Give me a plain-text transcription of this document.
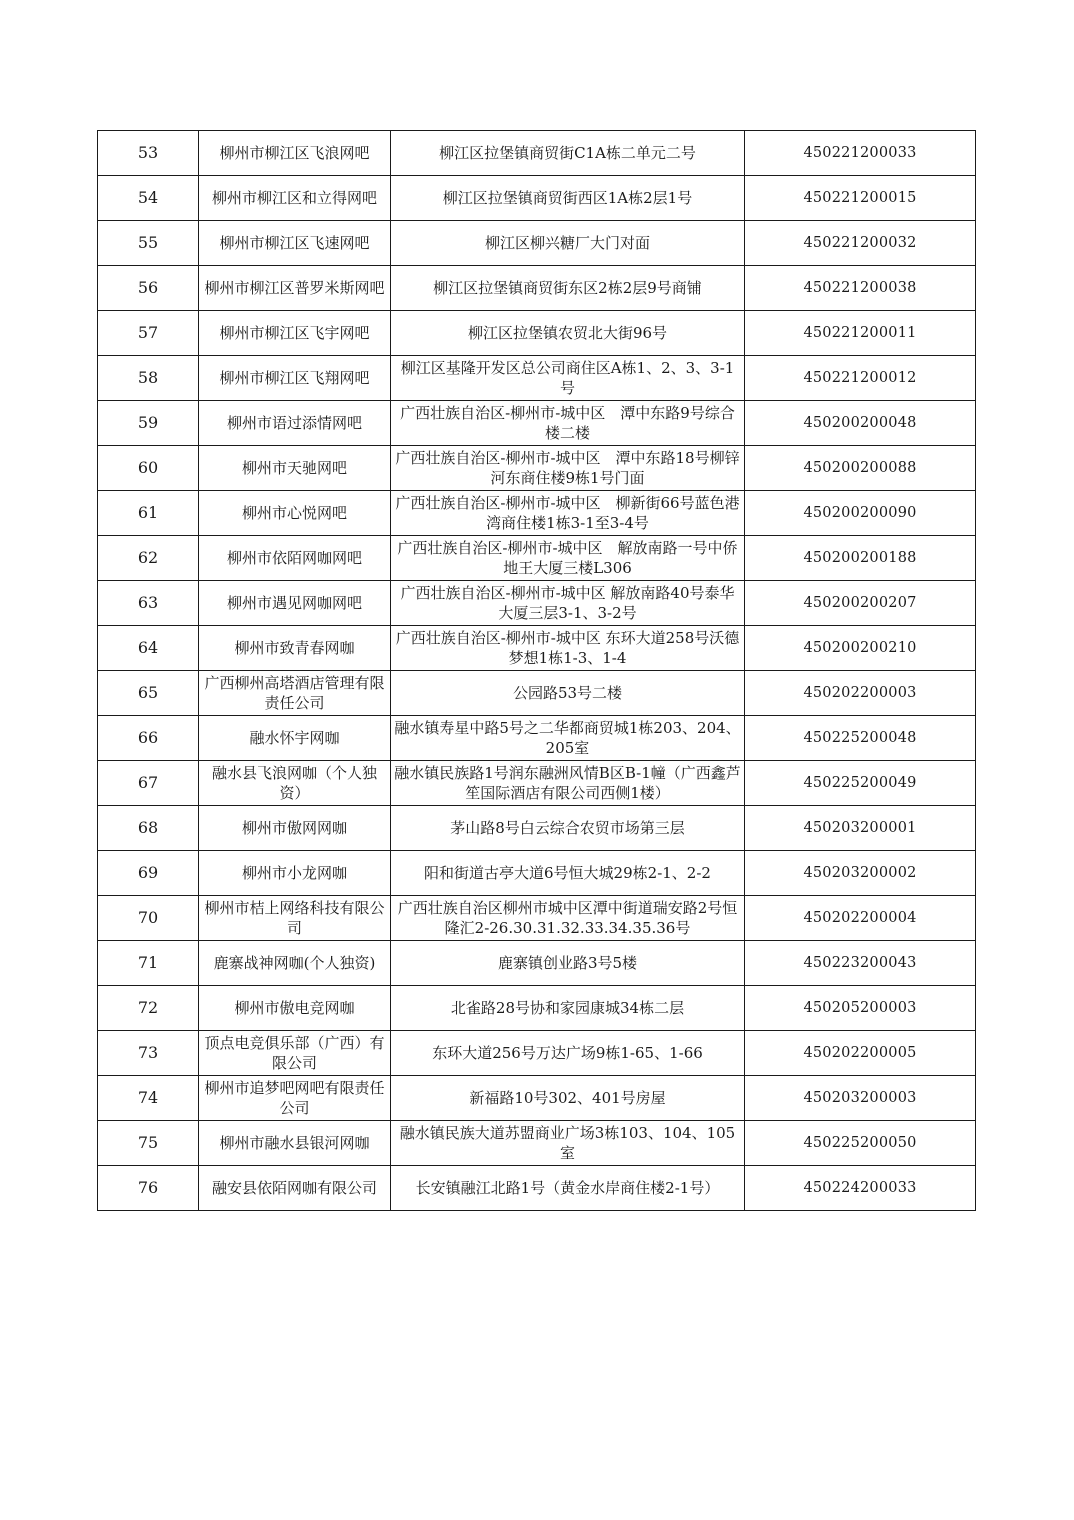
53	柳州市柳江区飞浪网吧	柳江区拉堡镇商贸街C1A栋二单元二号	450221200033
54	柳州市柳江区和立得网吧	柳江区拉堡镇商贸街西区1A栋2层1号	450221200015
55	柳州市柳江区飞速网吧	柳江区柳兴糖厂大门对面	450221200032
56	柳州市柳江区普罗米斯网吧	柳江区拉堡镇商贸街东区2栋2层9号商铺	450221200038
57	柳州市柳江区飞宇网吧	柳江区拉堡镇农贸北大街96号	450221200011
58	柳州市柳江区飞翔网吧	柳江区基隆开发区总公司商住区A栋1、2、3、3-1号	450221200012
59	柳州市语过添情网吧	广西壮族自治区-柳州市-城中区　潭中东路9号综合楼二楼	450200200048
60	柳州市天驰网吧	广西壮族自治区-柳州市-城中区　潭中东路18号柳锌河东商住楼9栋1号门面	450200200088
61	柳州市心悦网吧	广西壮族自治区-柳州市-城中区　柳新街66号蓝色港湾商住楼1栋3-1至3-4号	450200200090
62	柳州市依陌网咖网吧	广西壮族自治区-柳州市-城中区　解放南路一号中侨地王大厦三楼L306	450200200188
63	柳州市遇见网咖网吧	广西壮族自治区-柳州市-城中区 解放南路40号泰华大厦三层3-1、3-2号	450200200207
64	柳州市致青春网咖	广西壮族自治区-柳州市-城中区 东环大道258号沃德梦想1栋1-3、1-4	450200200210
65	广西柳州高塔酒店管理有限责任公司	公园路53号二楼	450202200003
66	融水怀宇网咖	融水镇寿星中路5号之二华都商贸城1栋203、204、205室	450225200048
67	融水县飞浪网咖（个人独资）	融水镇民族路1号润东融洲风情B区B-1幢（广西鑫芦笙国际酒店有限公司西侧1楼）	450225200049
68	柳州市傲网网咖	茅山路8号白云综合农贸市场第三层	450203200001
69	柳州市小龙网咖	阳和街道古亭大道6号恒大城29栋2-1、2-2	450203200002
70	柳州市桔上网络科技有限公司	广西壮族自治区柳州市城中区潭中街道瑞安路2号恒隆汇2-26.30.31.32.33.34.35.36号	450202200004
71	鹿寨战神网咖(个人独资)	鹿寨镇创业路3号5楼	450223200043
72	柳州市傲电竞网咖	北雀路28号协和家园康城34栋二层	450205200003
73	顶点电竞俱乐部（广西）有限公司	东环大道256号万达广场9栋1-65、1-66	450202200005
74	柳州市追梦吧网吧有限责任公司	新福路10号302、401号房屋	450203200003
75	柳州市融水县银河网咖	融水镇民族大道苏盟商业广场3栋103、104、105室	450225200050
76	融安县依陌网咖有限公司	长安镇融江北路1号（黄金水岸商住楼2-1号）	450224200033
